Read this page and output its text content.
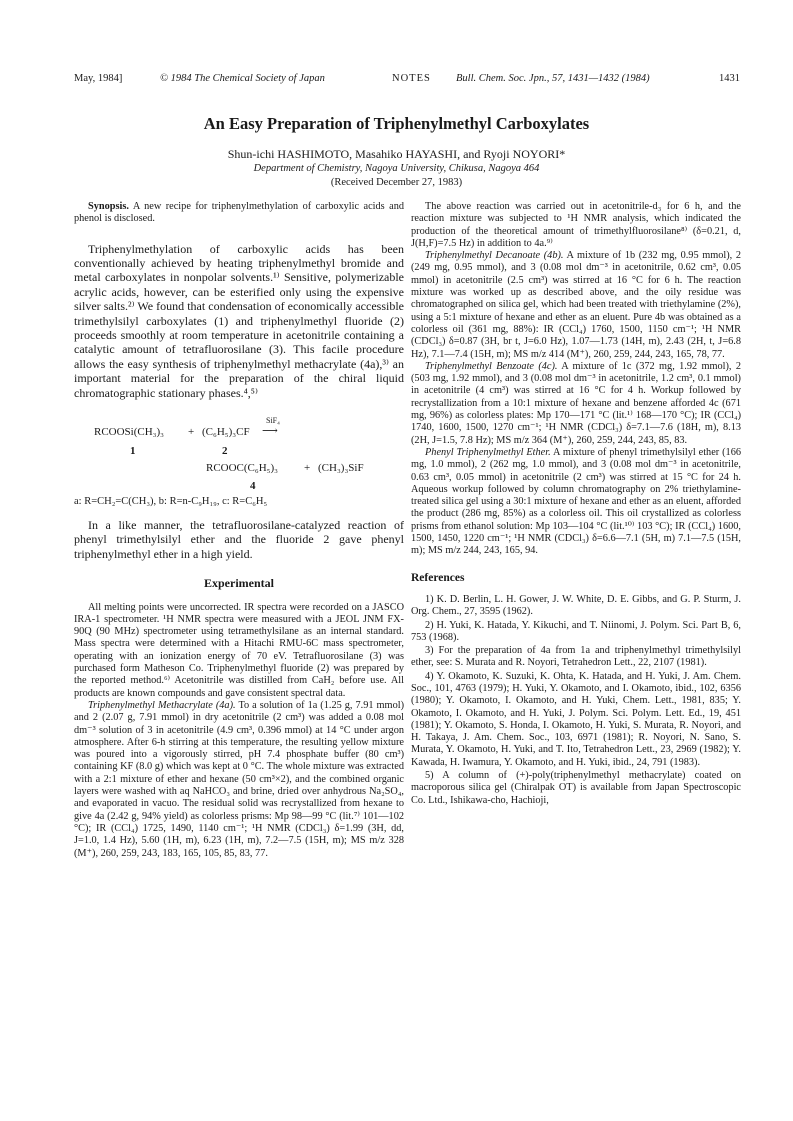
May, 1984]	© 1984 The Chemical Society of Japan	NOTES Bull. Chem. Soc. Jpn., 57, 1431—1432 (1984)	1431
An Easy Preparation of Triphenylmethyl Carboxylates
Shun-ichi HASHIMOTO, Masahiko HAYASHI, and Ryoji NOYORI*
Department of Chemistry, Nagoya University, Chikusa, Nagoya 464
(Received December 27, 1983)

Synopsis. A new recipe for triphenylmethylation of carboxylic acids and phenol is disclosed.

Triphenylmethylation of carboxylic acids has been conventionally achieved by heating triphenylmethyl bromide and metal carboxylates in nonpolar solvents.¹⁾ Sensitive, polymerizable acrylic acids, however, can be esterified only using the expensive silver salts.²⁾ We found that condensation of economically accessible trimethylsilyl carboxylates (1) and triphenylmethyl fluoride (2) proceeds smoothly at room temperature in acetonitrile containing a catalytic amount of tetrafluorosilane (3). This facile procedure allows the easy synthesis of triphenylmethyl methacrylate (4a),³⁾ an important material for the preparation of the chiral liquid chromatographic stationary phases.⁴,⁵⁾

RCOOSi(CH₃)₃ + (C₆H₅)₃CF
SiF₄
⟶
1	2
RCOOC(C₆H₅)₃ + (CH₃)₃SiF
4
a: R=CH₂=C(CH₃), b: R=n-C₉H₁₉, c: R=C₆H₅

In a like manner, the tetrafluorosilane-catalyzed reaction of phenyl trimethylsilyl ether and the fluoride 2 gave phenyl triphenylmethyl ether in a high yield.

Experimental

All melting points were uncorrected. IR spectra were recorded on a JASCO IRA-1 spectrometer. ¹H NMR spectra were measured with a JEOL JNM FX-90Q (90 MHz) spectrometer using tetramethylsilane as an internal standard. Mass spectra were determined with a Hitachi RMU-6C mass spectrometer, operating with an ionization energy of 70 eV. Tetrafluorosilane (3) was purchased form Matheson Co. Triphenylmethyl fluoride (2) was prepared by the reported method.⁶⁾ Acetonitrile was distilled from CaH₂ before use. All products are known compounds and gave consistent spectral data.

Triphenylmethyl Methacrylate (4a). To a solution of 1a (1.25 g, 7.91 mmol) and 2 (2.07 g, 7.91 mmol) in dry acetonitrile (2 cm³) was added a 0.08 mol dm⁻³ solution of 3 in acetonitrile (4.9 cm³, 0.396 mmol) at 14 °C under argon atmosphere. After 6-h stirring at this temperature, the resulting yellow mixture was poured into a vigorously stirred, pH 7.4 phosphate buffer (80 cm³) containing KF (8.0 g) which was kept at 0 °C. The whole mixture was extracted with a 2:1 mixture of ether and hexane (50 cm³×2), and the combined organic layers were washed with aq NaHCO₃ and brine, dried over anhydrous Na₂SO₄, and evaporated in vacuo. The residual solid was recrystallized from hexane to give 4a (2.42 g, 94% yield) as colorless prisms: Mp 98—99 °C (lit.⁷⁾ 101—102 °C); IR (CCl₄) 1725, 1490, 1140 cm⁻¹; ¹H NMR (CDCl₃) δ=1.99 (3H, dd, J=1.0, 1.4 Hz), 5.60 (1H, m), 6.23 (1H, m), 7.2—7.5 (15H, m); MS m/z 328 (M⁺), 260, 259, 243, 183, 165, 105, 85, 83, 77.

The above reaction was carried out in acetonitrile-d₃ for 6 h, and the reaction mixture was subjected to ¹H NMR analysis, which indicated the production of the theoretical amount of trimethylfluorosilane⁸⁾ (δ=0.21, d, J(H,F)=7.5 Hz) in addition to 4a.⁹⁾

Triphenylmethyl Decanoate (4b). A mixture of 1b (232 mg, 0.95 mmol), 2 (249 mg, 0.95 mmol), and 3 (0.08 mol dm⁻³ in acetonitrile, 0.62 cm³, 0.05 mmol) in acetonitrile (2.5 cm³) was stirred at 16 °C for 6 h. The reaction mixture was worked up as described above, and the oily residue was chromatographed on silica gel, which had been treated with triethylamine (2%), using a 5:1 mixture of hexane and ether as an eluent. Pure 4b was obtained as a colorless oil (361 mg, 88%): IR (CCl₄) 1760, 1500, 1150 cm⁻¹; ¹H NMR (CDCl₃) δ=0.87 (3H, br t, J=6.0 Hz), 1.07—1.73 (14H, m), 2.43 (2H, t, J=6.8 Hz), 7.1—7.4 (15H, m); MS m/z 414 (M⁺), 260, 259, 244, 243, 165, 78, 77.

Triphenylmethyl Benzoate (4c). A mixture of 1c (372 mg, 1.92 mmol), 2 (503 mg, 1.92 mmol), and 3 (0.08 mol dm⁻³ in acetonitrile, 1.2 cm³, 0.1 mmol) in acetonitrile (4 cm³) was stirred at 16 °C for 4 h. Workup followed by recrystallization from a 10:1 mixture of hexane and benzene afforded 4c (671 mg, 96%) as colorless plates: Mp 170—171 °C (lit.¹⁾ 168—170 °C); IR (CCl₄) 1740, 1600, 1500, 1270 cm⁻¹; ¹H NMR (CDCl₃) δ=7.1—7.6 (18H, m), 8.13 (2H, J=1.5, 7.8 Hz); MS m/z 364 (M⁺), 260, 259, 244, 243, 85, 83.

Phenyl Triphenylmethyl Ether. A mixture of phenyl trimethylsilyl ether (166 mg, 1.0 mmol), 2 (262 mg, 1.0 mmol), and 3 (0.08 mol dm⁻³ in acetonitrile, 0.63 cm³, 0.05 mmol) in acetonitrile (2 cm³) was stirred at 15 °C for 24 h. Aqueous workup followed by column chromatography on 2% triethylamine-treated silica gel using a 30:1 mixture of hexane and ether as an eluent, afforded the product (286 mg, 85%) as a colorless oil. This oil crystallized as colorless prisms from ethanol solution: Mp 103—104 °C (lit.¹⁰⁾ 103 °C); IR (CCl₄) 1600, 1500, 1450, 1220 cm⁻¹; ¹H NMR (CDCl₃) δ=6.6—7.1 (5H, m) 7.1—7.5 (15H, m); MS m/z 244, 243, 165, 94.

References
1) K. D. Berlin, L. H. Gower, J. W. White, D. E. Gibbs, and G. P. Sturm, J. Org. Chem., 27, 3595 (1962).
2) H. Yuki, K. Hatada, Y. Kikuchi, and T. Niinomi, J. Polym. Sci. Part B, 6, 753 (1968).
3) For the preparation of 4a from 1a and triphenylmethyl trimethylsilyl ether, see: S. Murata and R. Noyori, Tetrahedron Lett., 22, 2107 (1981).
4) Y. Okamoto, K. Suzuki, K. Ohta, K. Hatada, and H. Yuki, J. Am. Chem. Soc., 101, 4763 (1979); H. Yuki, Y. Okamoto, and I. Okamoto, ibid., 102, 6356 (1980); Y. Okamoto, I. Okamoto, and H. Yuki, Chem. Lett., 1981, 835; Y. Okamoto, I. Okamoto, and H. Yuki, J. Polym. Sci. Polym. Lett. Ed., 19, 451 (1981); Y. Okamoto, S. Honda, I. Okamoto, H. Yuki, S. Murata, R. Noyori, and H. Takaya, J. Am. Chem. Soc., 103, 6971 (1981); R. Noyori, N. Sano, S. Murata, Y. Okamoto, H. Yuki, and T. Ito, Tetrahedron Lett., 23, 2969 (1982); Y. Kawada, H. Iwamura, Y. Okamoto, and H. Yuki, ibid., 24, 791 (1983).
5) A column of (+)-poly(triphenylmethyl methacrylate) coated on macroporous silica gel (Chiralpak OT) is available from Japan Spectroscopic Co. Ltd., Ishikawa-cho, Hachioji,
